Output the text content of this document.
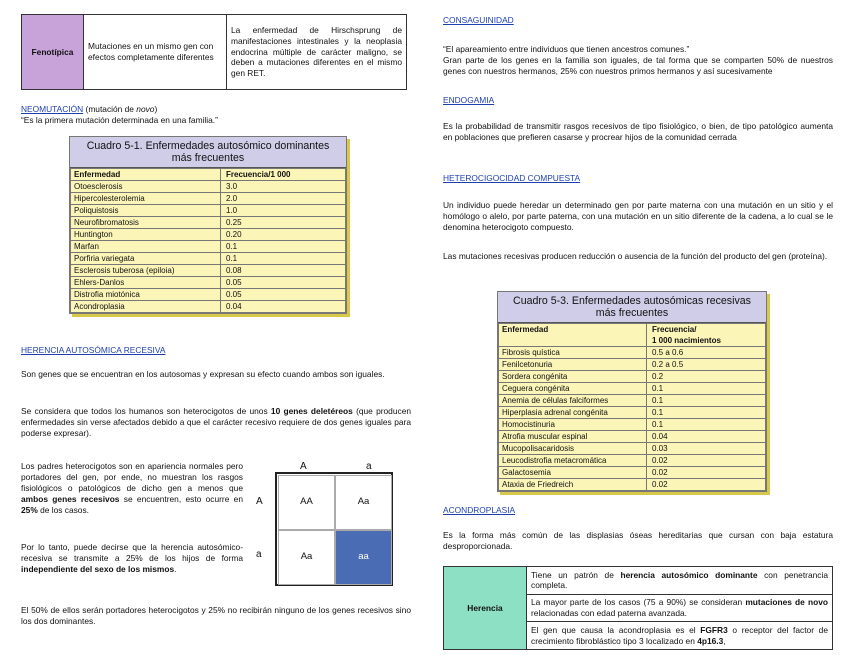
Fenotípica	Mutaciones en un mismo gen con efectos completamente diferentes	La enfermedad de Hirschsprung de manifestaciones intestinales y la neoplasia endocrina múltiple de carácter maligno, se deben a mutaciones diferentes en el mismo gen RET.
NEOMUTACIÓN (mutación de novo)
“Es la primera mutación determinada en una familia.”
Cuadro 5-1. Enfermedades autosómico dominantes más frecuentes
Enfermedad	Frecuencia/1 000
Otoesclerosis	3.0
Hipercolesterolemia	2.0
Poliquistosis	1.0
Neurofibromatosis	0.25
Huntington	0.20
Marfan	0.1
Porfiria variegata	0.1
Esclerosis tuberosa (epiloia)	0.08
Ehlers-Danlos	0.05
Distrofia miotónica	0.05
Acondroplasia	0.04
HERENCIA AUTOSÓMICA RECESIVA
Son genes que se encuentran en los autosomas y expresan su efecto cuando ambos son iguales.
Se considera que todos los humanos son heterocigotos de unos 10 genes deletéreos (que producen enfermedades sin verse afectados debido a que el carácter recesivo requiere de dos genes iguales para poderse expresar).
Los padres heterocigotos son en apariencia normales pero portadores del gen, por ende, no muestran los rasgos fisiológicos o patológicos de dicho gen a menos que ambos genes recesivos se encuentren, esto ocurre en 25% de los casos.
Por lo tanto, puede decirse que la herencia autosómico-recesiva se transmite a 25% de los hijos de forma independiente del sexo de los mismos.
A	a
A
a
AA	Aa
Aa	aa
El 50% de ellos serán portadores heterocigotos y 25% no recibirán ninguno de los genes recesivos sino los dos dominantes.
CONSAGUINIDAD
“El apareamiento entre individuos que tienen ancestros comunes.”
Gran parte de los genes en la familia son iguales, de tal forma que se comparten 50% de nuestros genes con nuestros hermanos, 25% con nuestros primos hermanos y así sucesivamente
ENDOGAMIA
Es la probabilidad de transmitir rasgos recesivos de tipo fisiológico, o bien, de tipo patológico aumenta en poblaciones que prefieren casarse y procrear hijos de la comunidad cerrada
HETEROCIGOCIDAD COMPUESTA
Un individuo puede heredar un determinado gen por parte materna con una mutación en un sitio y el homólogo o alelo, por parte paterna, con una mutación en un sitio diferente de la cadena, a lo cual se le denomina heterocigoto compuesto.
Las mutaciones recesivas producen reducción o ausencia de la función del producto del gen (proteína).
Cuadro 5-3. Enfermedades autosómicas recesivas más frecuentes
Enfermedad	Frecuencia/
1 000 nacimientos
Fibrosis quística	0.5 a 0.6
Fenilcetonuria	0.2 a 0.5
Sordera congénita	0.2
Ceguera congénita	0.1
Anemia de células falciformes	0.1
Hiperplasia adrenal congénita	0.1
Homocistinuria	0.1
Atrofia muscular espinal	0.04
Mucopolisacaridosis	0.03
Leucodistrofia metacromática	0.02
Galactosemia	0.02
Ataxia de Friedreich	0.02
ACONDROPLASIA
Es la forma más común de las displasias óseas hereditarias que cursan con baja estatura desproporcionada.
Herencia	Tiene un patrón de herencia autosómico dominante con penetrancia completa.
La mayor parte de los casos (75 a 90%) se consideran mutaciones de novo relacionadas con edad paterna avanzada.
El gen que causa la acondroplasia es el FGFR3 o receptor del factor de crecimiento fibroblástico tipo 3 localizado en 4p16.3,
